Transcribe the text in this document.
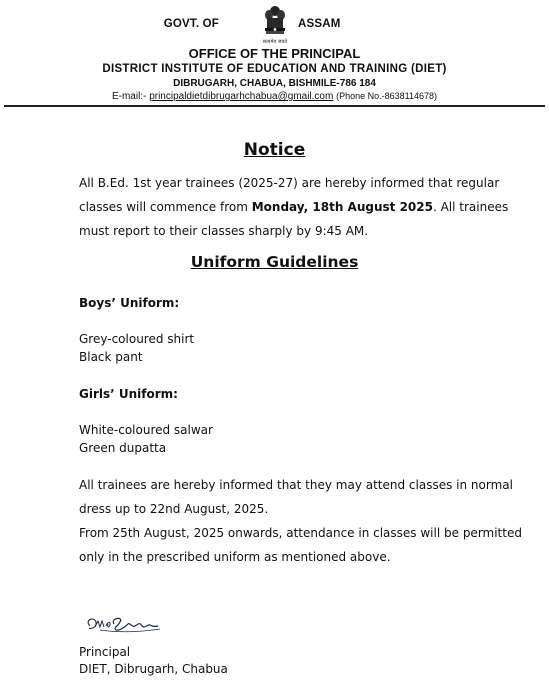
GOVT. OF	ASSAM
सत्यमेव जयते
OFFICE OF THE PRINCIPAL
DISTRICT INSTITUTE OF EDUCATION AND TRAINING (DIET)
DIBRUGARH, CHABUA, BISHMILE-786 184
E-mail:- principaldietdibrugarhchabua@gmail.com (Phone No.-8638114678)
Notice
All B.Ed. 1st year trainees (2025-27) are hereby informed that regular classes will commence from Monday, 18th August 2025. All trainees must report to their classes sharply by 9:45 AM.
Uniform Guidelines
Boys’ Uniform:
Grey-coloured shirt
Black pant
Girls’ Uniform:
White-coloured salwar
Green dupatta
All trainees are hereby informed that they may attend classes in normal dress up to 22nd August, 2025.
From 25th August, 2025 onwards, attendance in classes will be permitted only in the prescribed uniform as mentioned above.
Principal
DIET, Dibrugarh, Chabua
